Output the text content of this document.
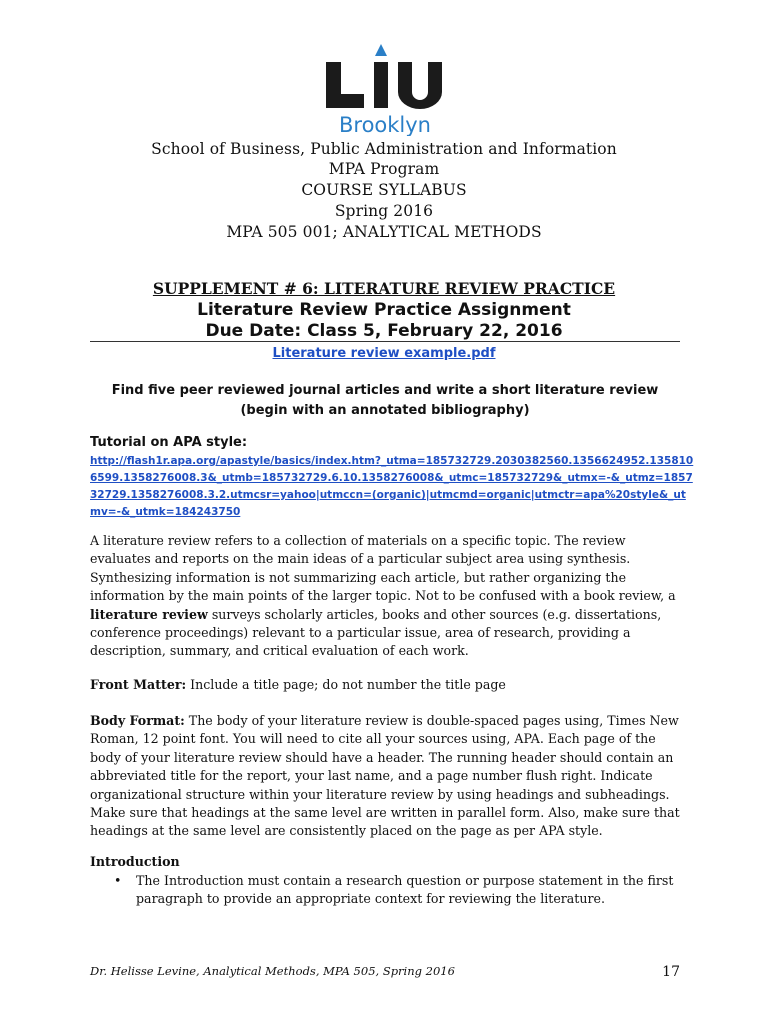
Brooklyn
School of Business, Public Administration and Information
MPA Program
COURSE SYLLABUS
Spring 2016
MPA 505 001; ANALYTICAL METHODS
SUPPLEMENT # 6: LITERATURE REVIEW PRACTICE
Literature Review Practice Assignment
Due Date: Class 5, February 22, 2016
Literature review example.pdf
Find five peer reviewed journal articles and write a short literature review (begin with an annotated bibliography)
Tutorial on APA style:
http://flash1r.apa.org/apastyle/basics/index.htm?_utma=185732729.2030382560.1356624952.1358106599.1358276008.3&_utmb=185732729.6.10.1358276008&_utmc=185732729&_utmx=-&_utmz=185732729.1358276008.3.2.utmcsr=yahoo|utmccn=(organic)|utmcmd=organic|utmctr=apa%20style&_utmv=-&_utmk=184243750
A literature review refers to a collection of materials on a specific topic. The review evaluates and reports on the main ideas of a particular subject area using synthesis. Synthesizing information is not summarizing each article, but rather organizing the information by the main points of the larger topic. Not to be confused with a book review, a literature review surveys scholarly articles, books and other sources (e.g. dissertations, conference proceedings) relevant to a particular issue, area of research, providing a description, summary, and critical evaluation of each work.
Front Matter: Include a title page; do not number the title page
Body Format: The body of your literature review is double-spaced pages using, Times New Roman, 12 point font. You will need to cite all your sources using, APA. Each page of the body of your literature review should have a header. The running header should contain an abbreviated title for the report, your last name, and a page number flush right. Indicate organizational structure within your literature review by using headings and subheadings. Make sure that headings at the same level are written in parallel form. Also, make sure that headings at the same level are consistently placed on the page as per APA style.
Introduction
• The Introduction must contain a research question or purpose statement in the first paragraph to provide an appropriate context for reviewing the literature.
Dr. Helisse Levine, Analytical Methods, MPA 505, Spring 2016	17
